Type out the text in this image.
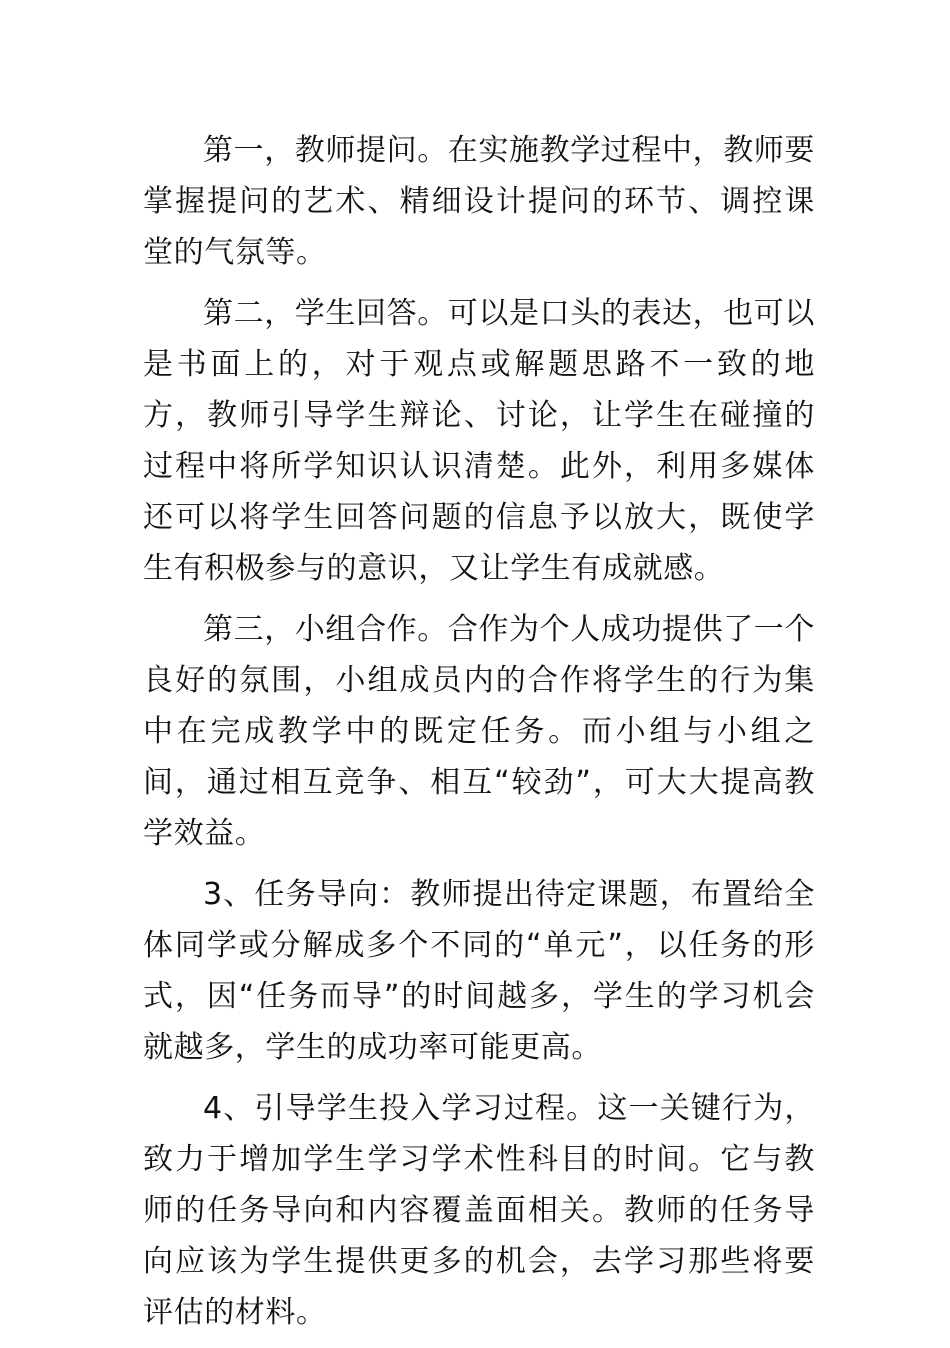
第一，教师提问。在实施教学过程中，教师要掌握提问的艺术、精细设计提问的环节、调控课堂的气氛等。

第二，学生回答。可以是口头的表达，也可以是书面上的，对于观点或解题思路不一致的地方，教师引导学生辩论、讨论，让学生在碰撞的过程中将所学知识认识清楚。此外，利用多媒体还可以将学生回答问题的信息予以放大，既使学生有积极参与的意识，又让学生有成就感。

第三，小组合作。合作为个人成功提供了一个良好的氛围，小组成员内的合作将学生的行为集中在完成教学中的既定任务。而小组与小组之间，通过相互竞争、相互“较劲”，可大大提高教学效益。

3、任务导向：教师提出待定课题，布置给全体同学或分解成多个不同的“单元”，以任务的形式，因“任务而导”的时间越多，学生的学习机会就越多，学生的成功率可能更高。

4、引导学生投入学习过程。这一关键行为，致力于增加学生学习学术性科目的时间。它与教师的任务导向和内容覆盖面相关。教师的任务导向应该为学生提供更多的机会，去学习那些将要评估的材料。
